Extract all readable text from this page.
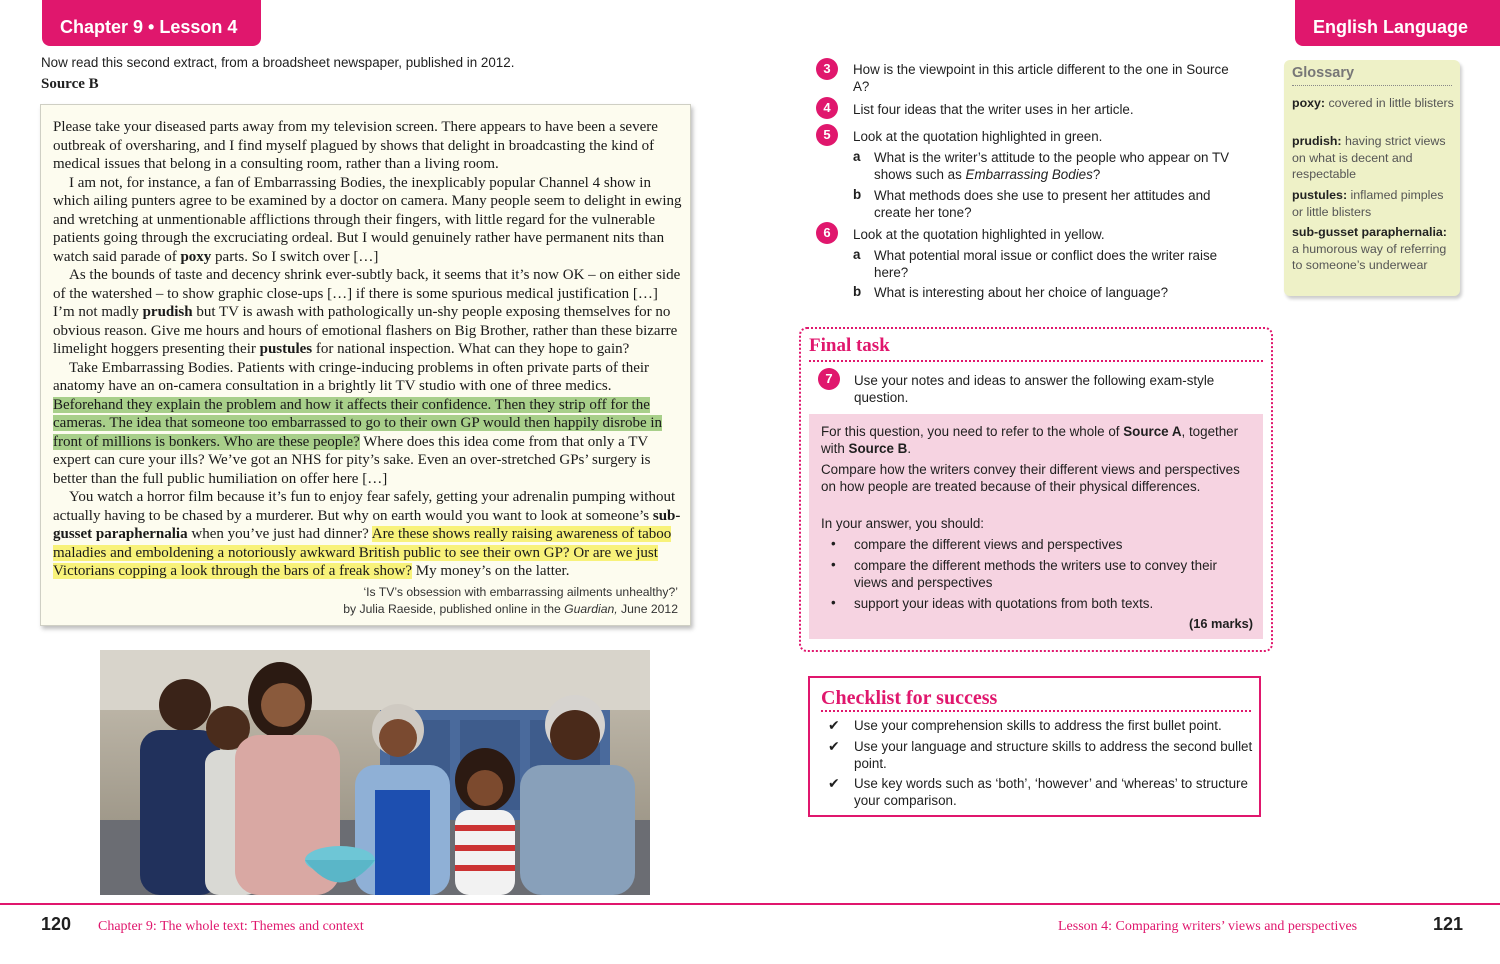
Chapter 9 • Lesson 4	English Language
Now read this second extract, from a broadsheet newspaper, published in 2012.
Source B

Please take your diseased parts away from my television screen. There appears to have been a severe outbreak of oversharing, and I find myself plagued by shows that delight in broadcasting the kind of medical issues that belong in a consulting room, rather than a living room.

I am not, for instance, a fan of Embarrassing Bodies, the inexplicably popular Channel 4 show in which ailing punters agree to be examined by a doctor on camera. Many people seem to delight in ewing and wretching at unmentionable afflictions through their fingers, with little regard for the vulnerable patients going through the excruciating ordeal. But I would genuinely rather have permanent nits than watch said parade of poxy parts. So I switch over […]

As the bounds of taste and decency shrink ever-subtly back, it seems that it’s now OK – on either side of the watershed – to show graphic close-ups […] if there is some spurious medical justification […] I’m not madly prudish but TV is awash with pathologically un-shy people exposing themselves for no obvious reason. Give me hours and hours of emotional flashers on Big Brother, rather than these bizarre limelight hoggers presenting their pustules for national inspection. What can they hope to gain?

Take Embarrassing Bodies. Patients with cringe-inducing problems in often private parts of their anatomy have an on-camera consultation in a brightly lit TV studio with one of three medics. Beforehand they explain the problem and how it affects their confidence. Then they strip off for the cameras. The idea that someone too embarrassed to go to their own GP would then happily disrobe in front of millions is bonkers. Who are these people? Where does this idea come from that only a TV expert can cure your ills? We’ve got an NHS for pity’s sake. Even an over-stretched GPs’ surgery is better than the full public humiliation on offer here […]

You watch a horror film because it’s fun to enjoy fear safely, getting your adrenalin pumping without actually having to be chased by a murderer. But why on earth would you want to look at someone’s sub-gusset paraphernalia when you’ve just had dinner? Are these shows really raising awareness of taboo maladies and emboldening a notoriously awkward British public to see their own GP? Or are we just Victorians copping a look through the bars of a freak show? My money’s on the latter.

‘Is TV’s obsession with embarrassing ailments unhealthy?’
by Julia Raeside, published online in the Guardian, June 2012
3	How is the viewpoint in this article different to the one in Source A?
4	List four ideas that the writer uses in her article.
5	Look at the quotation highlighted in green.
a What is the writer’s attitude to the people who appear on TV shows such as Embarrassing Bodies?
b What methods does she use to present her attitudes and create her tone?
6	Look at the quotation highlighted in yellow.
a What potential moral issue or conflict does the writer raise here?
b What is interesting about her choice of language?
Glossary
poxy: covered in little blisters
prudish: having strict views on what is decent and respectable
pustules: inflamed pimples or little blisters
sub-gusset paraphernalia: a humorous way of referring to someone’s underwear
Final task
7	Use your notes and ideas to answer the following exam-style question.
For this question, you need to refer to the whole of Source A, together with Source B.
Compare how the writers convey their different views and perspectives on how people are treated because of their physical differences.
In your answer, you should:
• compare the different views and perspectives
• compare the different methods the writers use to convey their views and perspectives
• support your ideas with quotations from both texts.
(16 marks)
Checklist for success
✔ Use your comprehension skills to address the first bullet point.
✔ Use your language and structure skills to address the second bullet point.
✔ Use key words such as ‘both’, ‘however’ and ‘whereas’ to structure your comparison.
120 Chapter 9: The whole text: Themes and context	Lesson 4: Comparing writers’ views and perspectives	121
